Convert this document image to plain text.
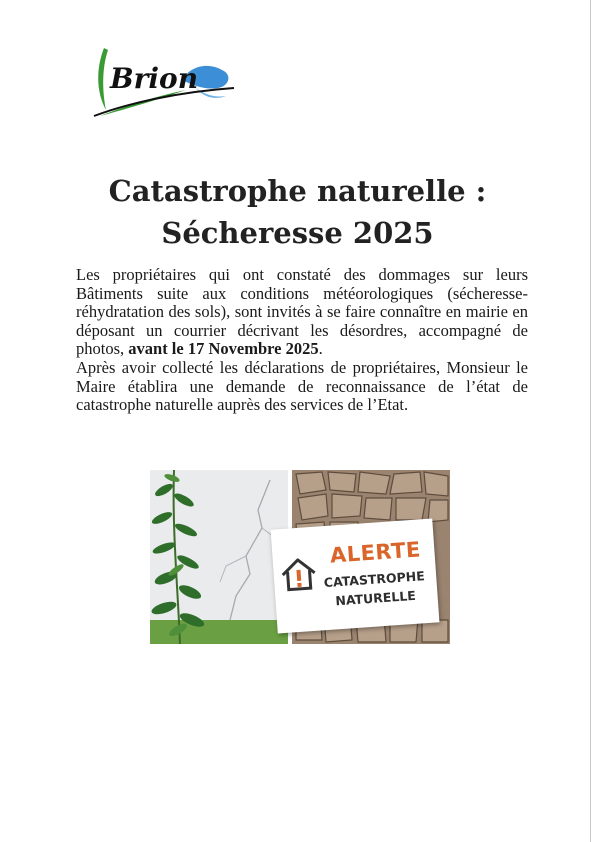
Brion
Catastrophe naturelle :
Sécheresse 2025

Les propriétaires qui ont constaté des dommages sur leurs Bâtiments suite aux conditions météorologiques (sécheresse-réhydratation des sols), sont invités à se faire connaître en mairie en déposant un courrier décrivant les désordres, accompagné de photos, avant le 17 Novembre 2025.

Après avoir collecté les déclarations de propriétaires, Monsieur le Maire établira une demande de reconnaissance de l’état de catastrophe naturelle auprès des services de l’Etat.

ALERTE
CATASTROPHE
NATURELLE
